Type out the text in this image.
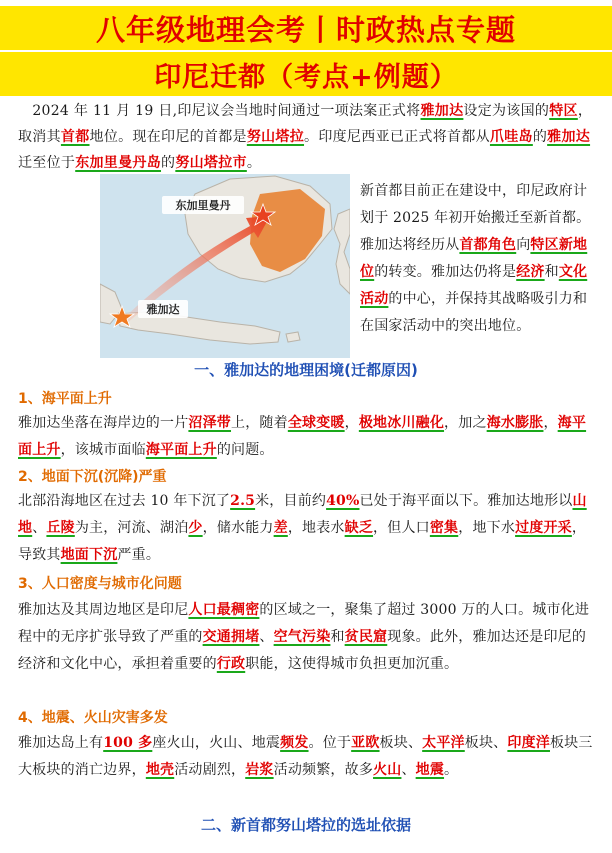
八年级地理会考丨时政热点专题
印尼迁都（考点+例题）
 2024 年 11 月 19 日,印尼议会当地时间通过一项法案正式将雅加达设定为该国的特区，取消其首都地位。现在印尼的首都是努山塔拉。印度尼西亚已正式将首都从爪哇岛的雅加达迁至位于东加里曼丹岛的努山塔拉市。
东加里曼丹
雅加达
新首都目前正在建设中，印尼政府计划于 2025 年初开始搬迁至新首都。雅加达将经历从首都角色向特区新地位的转变。雅加达仍将是经济和文化活动的中心，并保持其战略吸引力和在国家活动中的突出地位。
一、雅加达的地理困境(迁都原因)
1、海平面上升
雅加达坐落在海岸边的一片沼泽带上，随着全球变暖，极地冰川融化，加之海水膨胀，海平面上升，该城市面临海平面上升的问题。
2、地面下沉(沉降)严重
北部沿海地区在过去 10 年下沉了2.5米，目前约40%已处于海平面以下。雅加达地形以山地、丘陵为主，河流、湖泊少，储水能力差，地表水缺乏，但人口密集，地下水过度开采，导致其地面下沉严重。
3、人口密度与城市化问题
雅加达及其周边地区是印尼人口最稠密的区域之一，聚集了超过 3000 万的人口。城市化进程中的无序扩张导致了严重的交通拥堵、空气污染和贫民窟现象。此外，雅加达还是印尼的经济和文化中心，承担着重要的行政职能，这使得城市负担更加沉重。
4、地震、火山灾害多发
雅加达岛上有100 多座火山，火山、地震频发。位于亚欧板块、太平洋板块、印度洋板块三大板块的消亡边界，地壳活动剧烈，岩浆活动频繁，故多火山、地震。
二、新首都努山塔拉的选址依据
